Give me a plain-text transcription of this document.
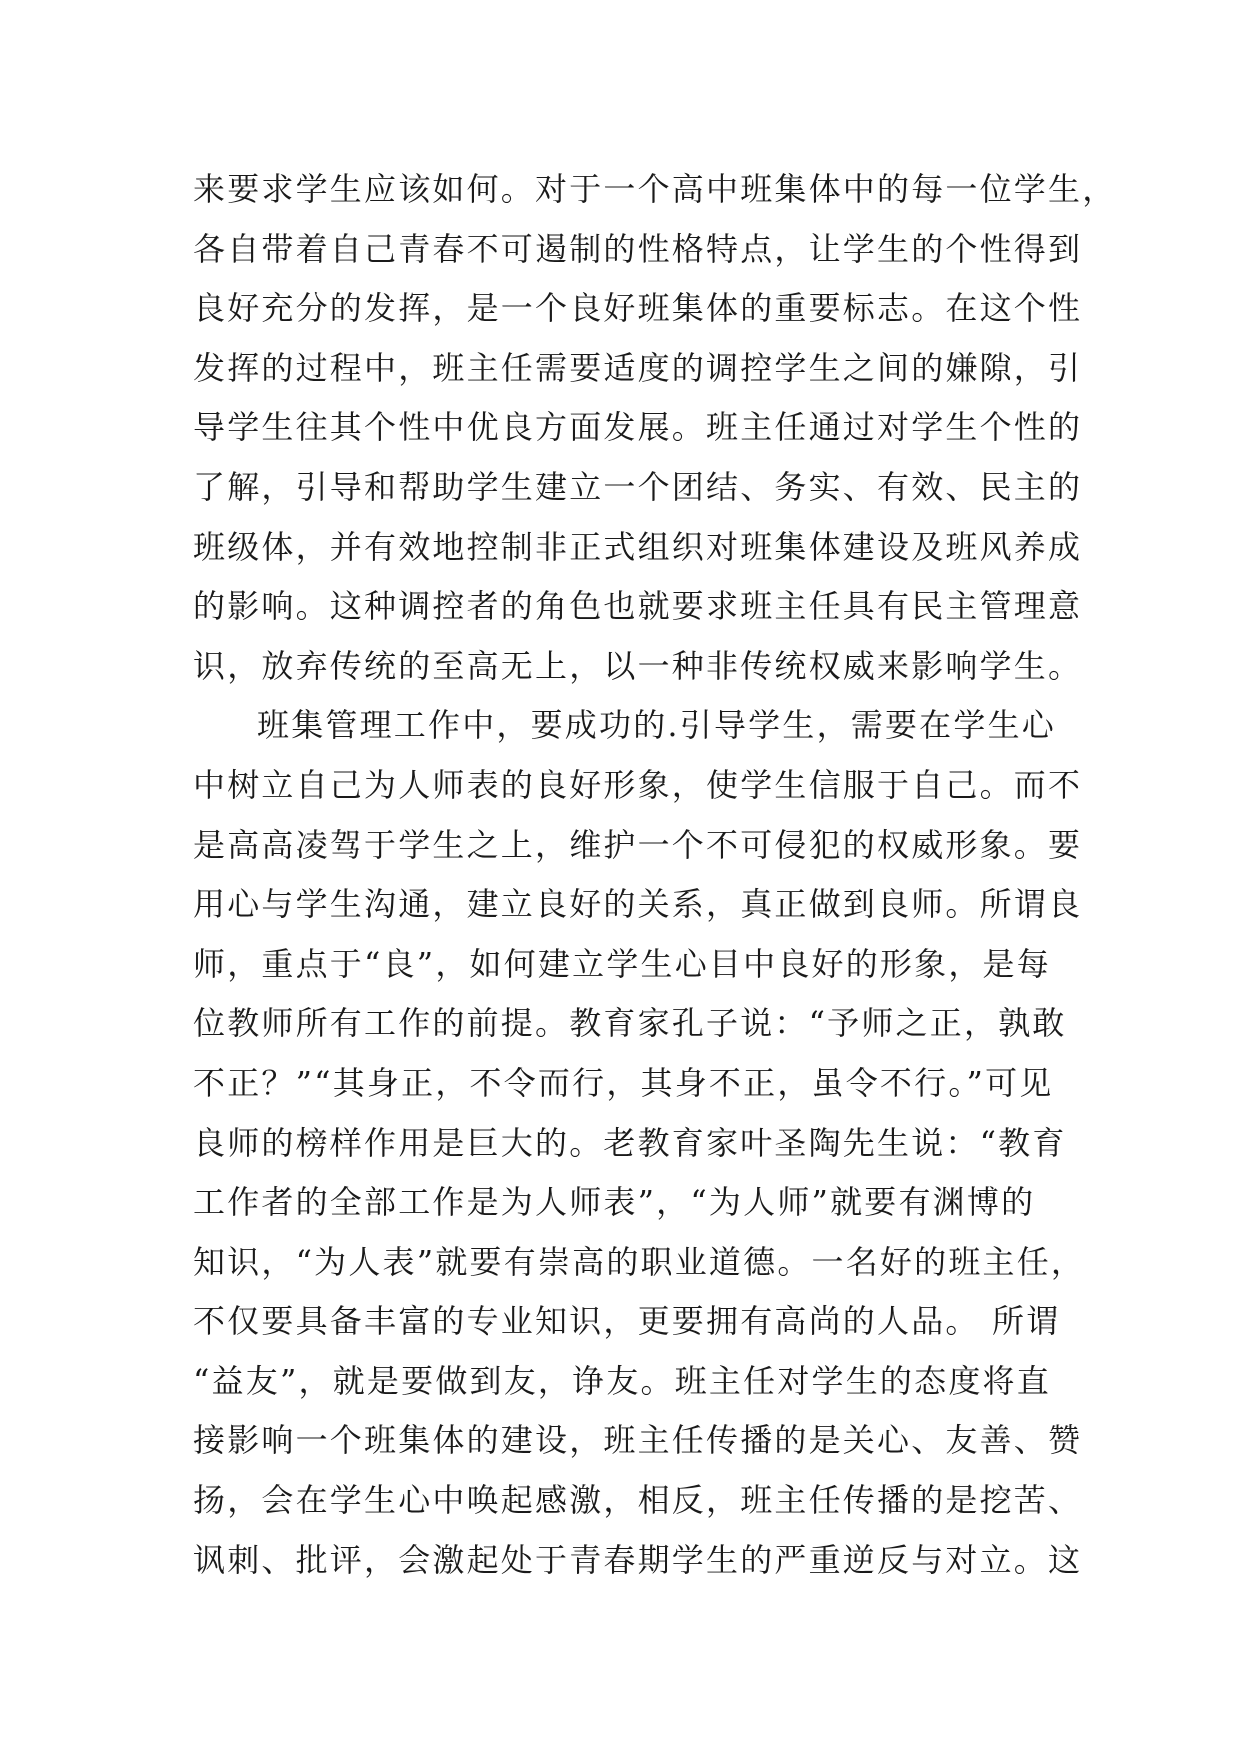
来要求学生应该如何。对于一个高中班集体中的每一位学生，
各自带着自己青春不可遏制的性格特点，让学生的个性得到
良好充分的发挥，是一个良好班集体的重要标志。在这个性
发挥的过程中，班主任需要适度的调控学生之间的嫌隙，引
导学生往其个性中优良方面发展。班主任通过对学生个性的
了解，引导和帮助学生建立一个团结、务实、有效、民主的
班级体，并有效地控制非正式组织对班集体建设及班风养成
的影响。这种调控者的角色也就要求班主任具有民主管理意
识，放弃传统的至高无上，以一种非传统权威来影响学生。
班集管理工作中，要成功的.引导学生，需要在学生心
中树立自己为人师表的良好形象，使学生信服于自己。而不
是高高凌驾于学生之上，维护一个不可侵犯的权威形象。要
用心与学生沟通，建立良好的关系，真正做到良师。所谓良
师，重点于“良”，如何建立学生心目中良好的形象，是每
位教师所有工作的前提。教育家孔子说：“予师之正，孰敢
不正？”“其身正，不令而行，其身不正，虽令不行。”可见
良师的榜样作用是巨大的。老教育家叶圣陶先生说：“教育
工作者的全部工作是为人师表”，“为人师”就要有渊博的
知识，“为人表”就要有崇高的职业道德。一名好的班主任，
不仅要具备丰富的专业知识，更要拥有高尚的人品。 所谓
“益友”，就是要做到友，诤友。班主任对学生的态度将直
接影响一个班集体的建设，班主任传播的是关心、友善、赞
扬，会在学生心中唤起感激，相反，班主任传播的是挖苦、
讽刺、批评，会激起处于青春期学生的严重逆反与对立。这
